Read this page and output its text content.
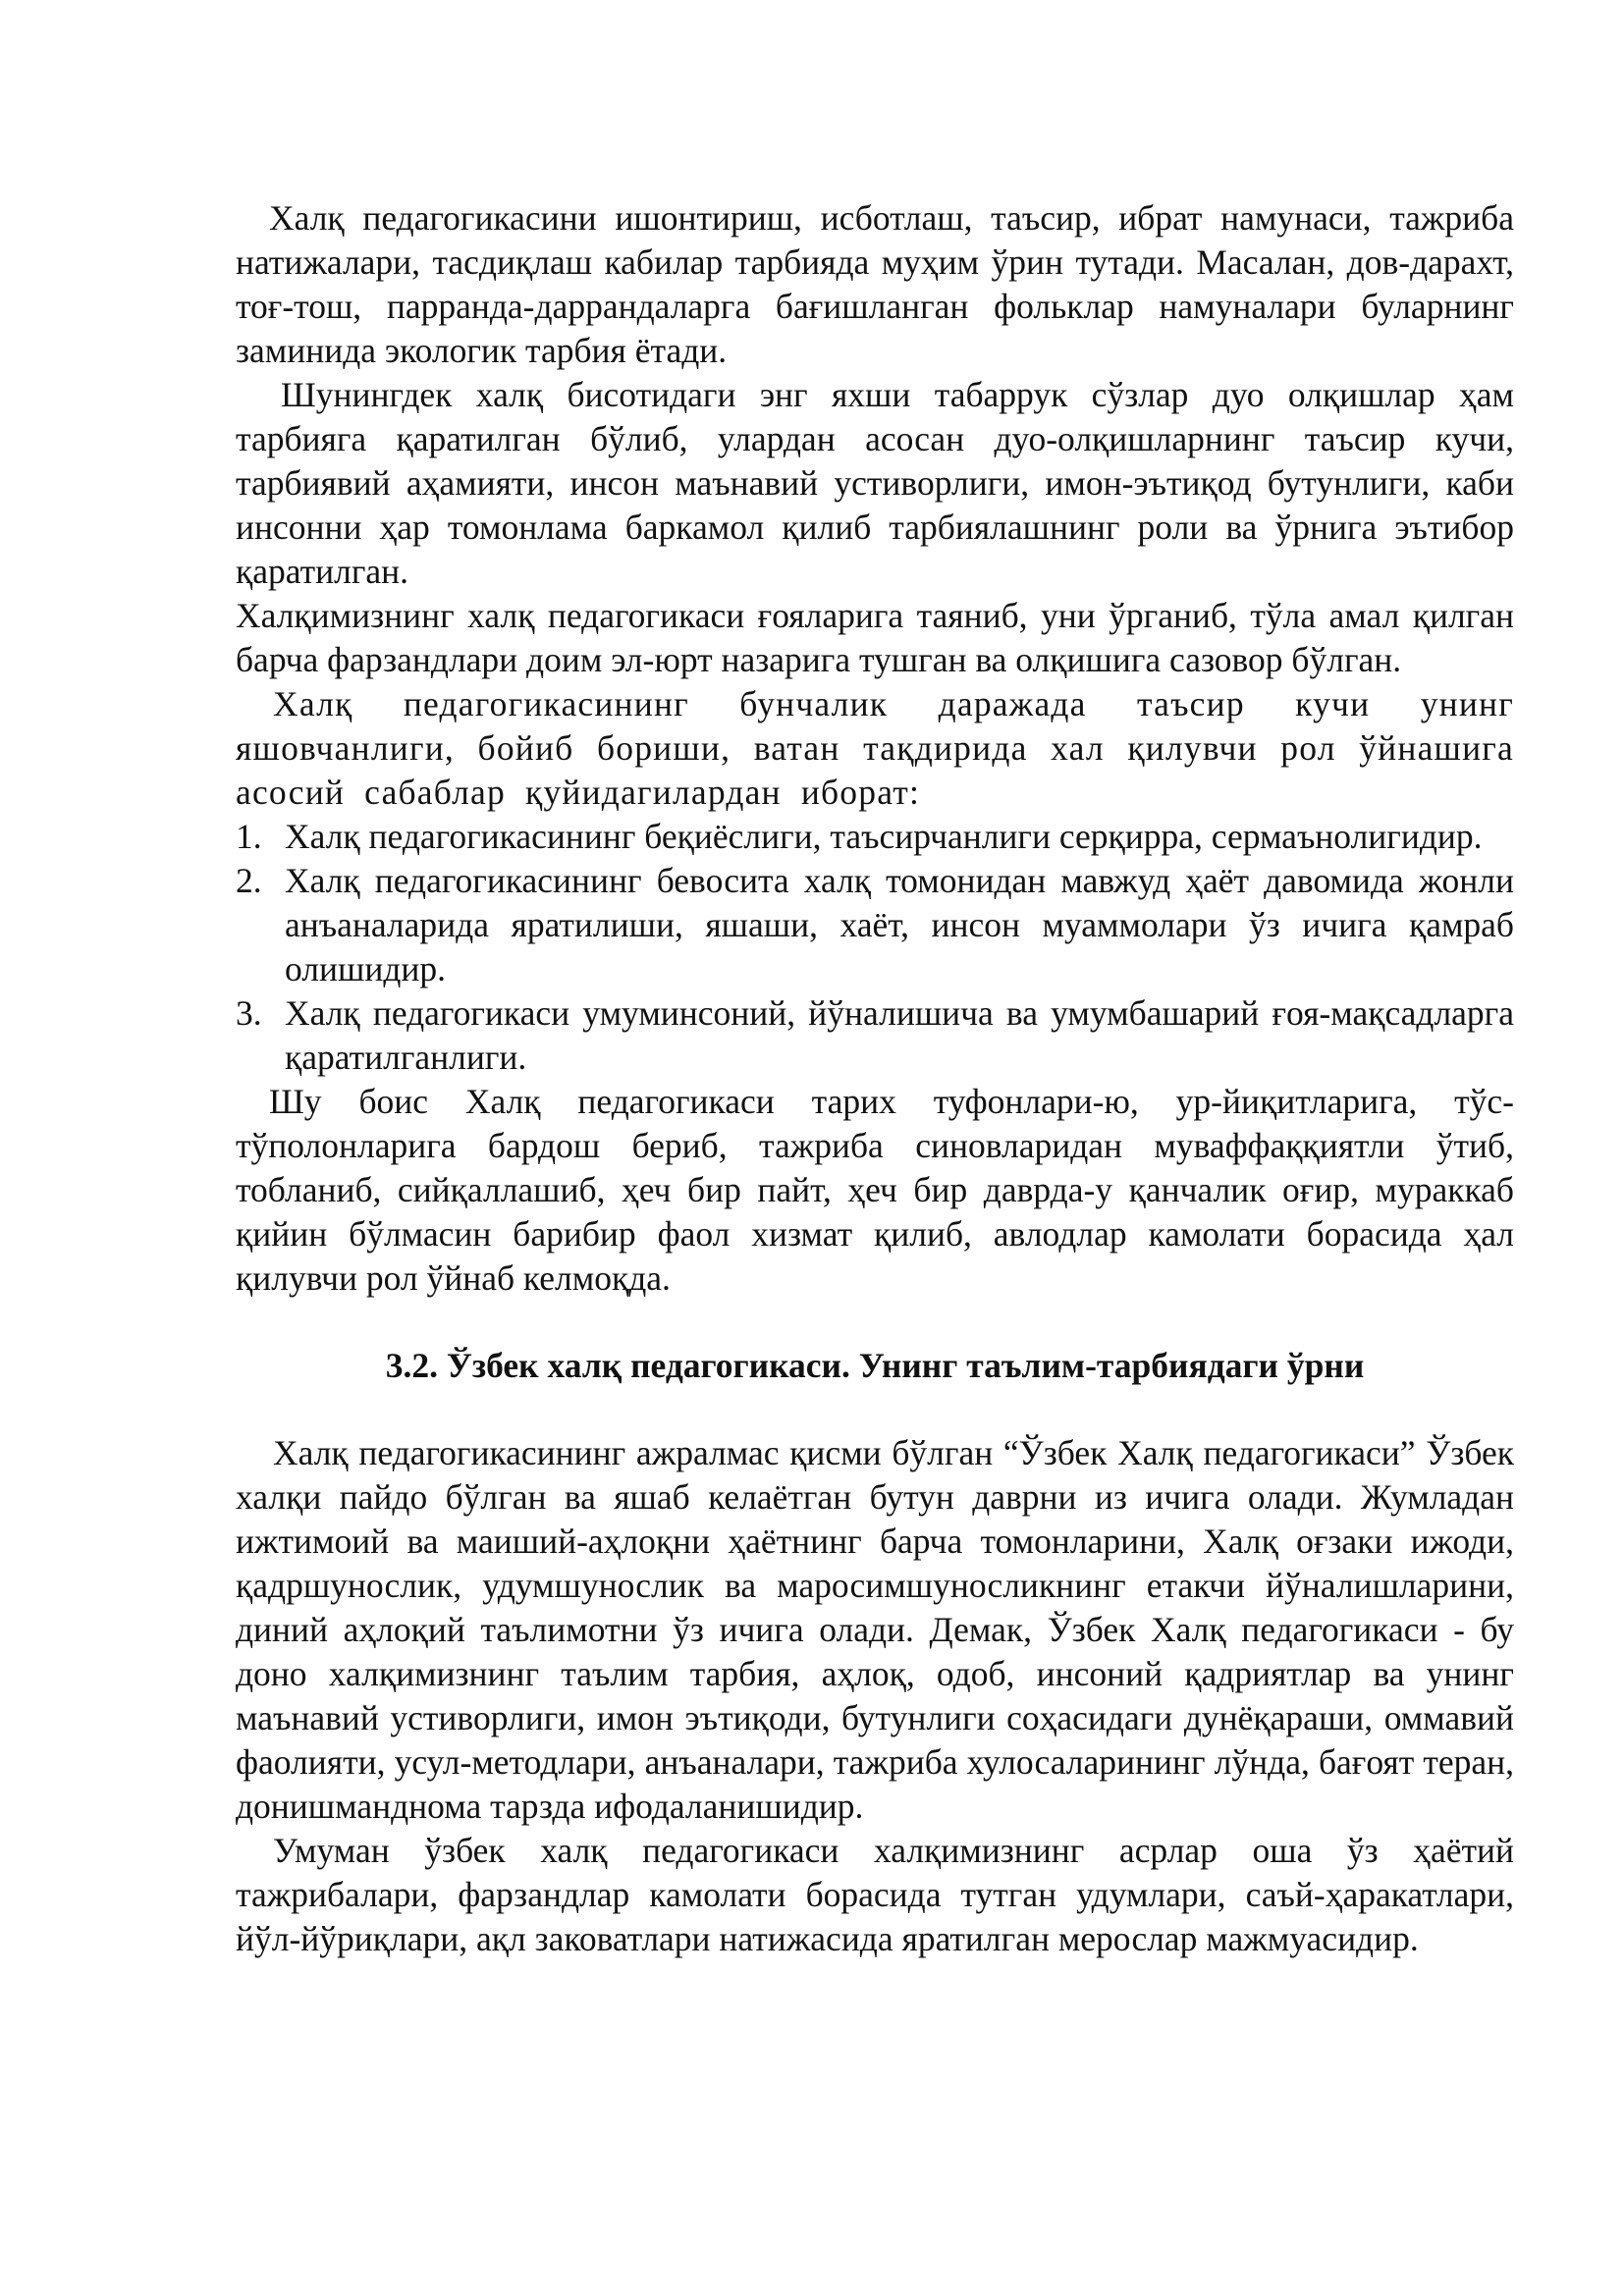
Халқ педагогикасини ишонтириш, исботлаш, таъсир, ибрат намунаси, тажриба натижалари, тасдиқлаш кабилар тарбияда муҳим ўрин тутади. Масалан, дов-дарахт, тоғ-тош, парранда-даррандаларга бағишланган фольклар намуналари буларнинг заминида экологик тарбия ётади.

Шунингдек халқ бисотидаги энг яхши табаррук сўзлар дуо олқишлар ҳам тарбияга қаратилган бўлиб, улардан асосан дуо-олқишларнинг таъсир кучи, тарбиявий аҳамияти, инсон маънавий устиворлиги, имон-эътиқод бутунлиги, каби инсонни ҳар томонлама баркамол қилиб тарбиялашнинг роли ва ўрнига эътибор қаратилган.

Халқимизнинг халқ педагогикаси ғояларига таяниб, уни ўрганиб, тўла амал қилган барча фарзандлари доим эл-юрт назарига тушган ва олқишига сазовор бўлган.

Халқ педагогикасининг бунчалик даражада таъсир кучи унинг яшовчанлиги, бойиб бориши, ватан тақдирида хал қилувчи рол ўйнашига асосий сабаблар қуйидагилардан иборат:

1. Халқ педагогикасининг беқиёслиги, таъсирчанлиги серқирра, сермаънолигидир.
2. Халқ педагогикасининг бевосита халқ томонидан мавжуд ҳаёт давомида жонли анъаналарида яратилиши, яшаши, хаёт, инсон муаммолари ўз ичига қамраб олишидир.
3. Халқ педагогикаси умуминсоний, йўналишича ва умумбашарий ғоя-мақсадларга қаратилганлиги.

Шу боис Халқ педагогикаси тарих туфонлари-ю, ур-йиқитларига, тўс-тўполонларига бардош бериб, тажриба синовларидан муваффаққиятли ўтиб, тобланиб, сийқаллашиб, ҳеч бир пайт, ҳеч бир даврда-у қанчалик оғир, мураккаб қийин бўлмасин барибир фаол хизмат қилиб, авлодлар камолати борасида ҳал қилувчи рол ўйнаб келмоқда.

3.2. Ўзбек халқ педагогикаси. Унинг таълим-тарбиядаги ўрни

Халқ педагогикасининг ажралмас қисми бўлган “Ўзбек Халқ педагогикаси” Ўзбек халқи пайдо бўлган ва яшаб келаётган бутун даврни из ичига олади. Жумладан ижтимоий ва маиший-аҳлоқни ҳаётнинг барча томонларини, Халқ оғзаки ижоди, қадршунослик, удумшунослик ва маросимшуносликнинг етакчи йўналишларини, диний аҳлоқий таълимотни ўз ичига олади. Демак, Ўзбек Халқ педагогикаси - бу доно халқимизнинг таълим тарбия, аҳлоқ, одоб, инсоний қадриятлар ва унинг маънавий устиворлиги, имон эътиқоди, бутунлиги соҳасидаги дунёқараши, оммавий фаолияти, усул-методлари, анъаналари, тажриба хулосаларининг лўнда, бағоят теран, донишманднома тарзда ифодаланишидир.

Умуман ўзбек халқ педагогикаси халқимизнинг асрлар оша ўз ҳаётий тажрибалари, фарзандлар камолати борасида тутган удумлари, саъй-ҳаракатлари, йўл-йўриқлари, ақл заковатлари натижасида яратилган мерослар мажмуасидир.
